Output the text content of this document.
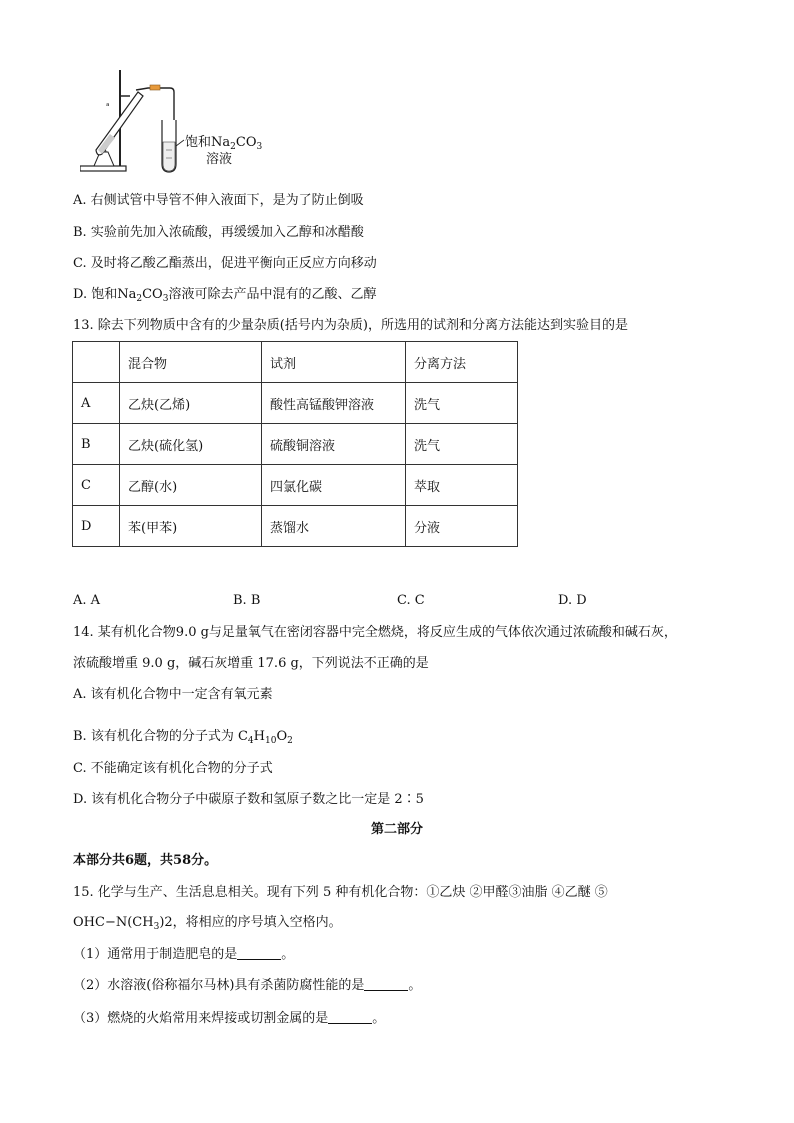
ₐ
饱和$Na_2CO_3$
溶液
A. 右侧试管中导管不伸入液面下，是为了防止倒吸
B. 实验前先加入浓硫酸，再缓缓加入乙醇和冰醋酸
C. 及时将乙酸乙酯蒸出，促进平衡向正反应方向移动
D. 饱和$Na_2CO_3$溶液可除去产品中混有的乙酸、乙醇
13. 除去下列物质中含有的少量杂质(括号内为杂质)，所选用的试剂和分离方法能达到实验目的是
	混合物	试剂	分离方法
A	乙炔(乙烯)	酸性高锰酸钾溶液	洗气
B	乙炔(硫化氢)	硫酸铜溶液	洗气
C	乙醇(水)	四氯化碳	萃取
D	苯(甲苯)	蒸馏水	分液
A. A	B. B	C. C	D. D
14. 某有机化合物9.0 g与足量氧气在密闭容器中完全燃烧，将反应生成的气体依次通过浓硫酸和碱石灰，
浓硫酸增重 9.0 g，碱石灰增重 17.6 g，下列说法不正确的是
A. 该有机化合物中一定含有氧元素
B. 该有机化合物的分子式为 $C_4H_{10}O_2$
C. 不能确定该有机化合物的分子式
D. 该有机化合物分子中碳原子数和氢原子数之比一定是 2∶5
第二部分
本部分共6题，共58分。
15. 化学与生产、生活息息相关。现有下列 5 种有机化合物：①乙炔 ②甲醛③油脂 ④乙醚 ⑤
$OHC-N(CH_3)2$，将相应的序号填入空格内。
（1）通常用于制造肥皂的是	。
（2）水溶液(俗称福尔马林)具有杀菌防腐性能的是	。
（3）燃烧的火焰常用来焊接或切割金属的是	。
